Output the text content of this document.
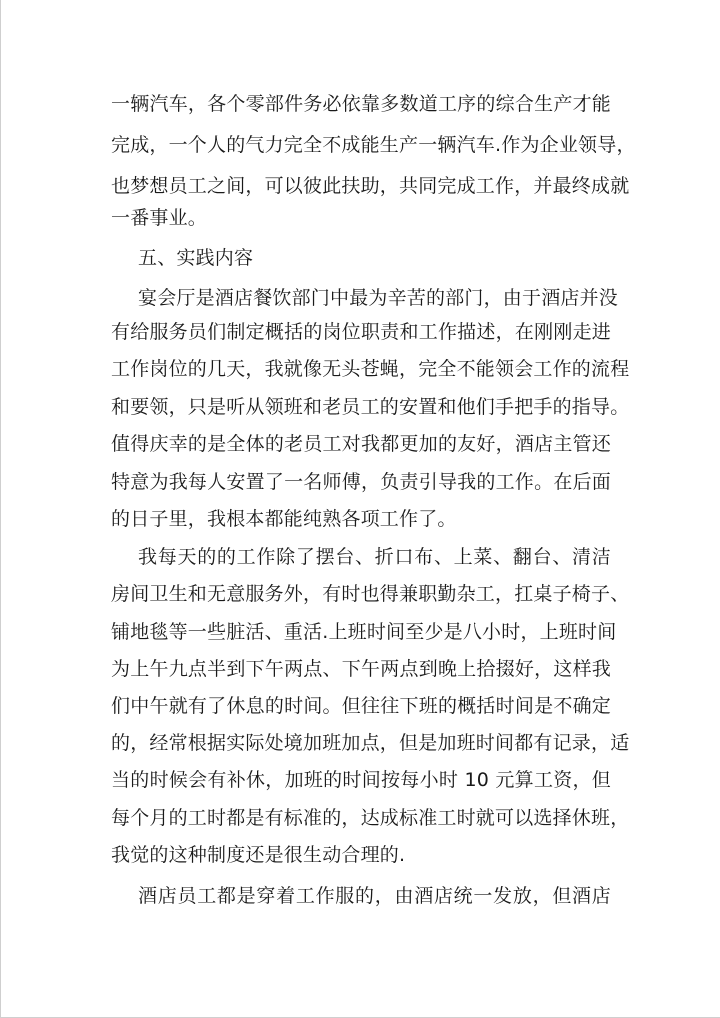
一辆汽车，各个零部件务必依靠多数道工序的综合生产才能
完成，一个人的气力完全不成能生产一辆汽车.作为企业领导，
也梦想员工之间，可以彼此扶助，共同完成工作，并最终成就
一番事业。
五、实践内容
宴会厅是酒店餐饮部门中最为辛苦的部门，由于酒店并没
有给服务员们制定概括的岗位职责和工作描述，在刚刚走进
工作岗位的几天，我就像无头苍蝇，完全不能领会工作的流程
和要领，只是听从领班和老员工的安置和他们手把手的指导。
值得庆幸的是全体的老员工对我都更加的友好，酒店主管还
特意为我每人安置了一名师傅，负责引导我的工作。在后面
的日子里，我根本都能纯熟各项工作了。
我每天的的工作除了摆台、折口布、上菜、翻台、清洁
房间卫生和无意服务外，有时也得兼职勤杂工，扛桌子椅子、
铺地毯等一些脏活、重活.上班时间至少是八小时，上班时间
为上午九点半到下午两点、下午两点到晚上拾掇好，这样我
们中午就有了休息的时间。但往往下班的概括时间是不确定
的，经常根据实际处境加班加点，但是加班时间都有记录，适
当的时候会有补休，加班的时间按每小时 10 元算工资，但
每个月的工时都是有标准的，达成标准工时就可以选择休班，
我觉的这种制度还是很生动合理的.
酒店员工都是穿着工作服的，由酒店统一发放，但酒店
